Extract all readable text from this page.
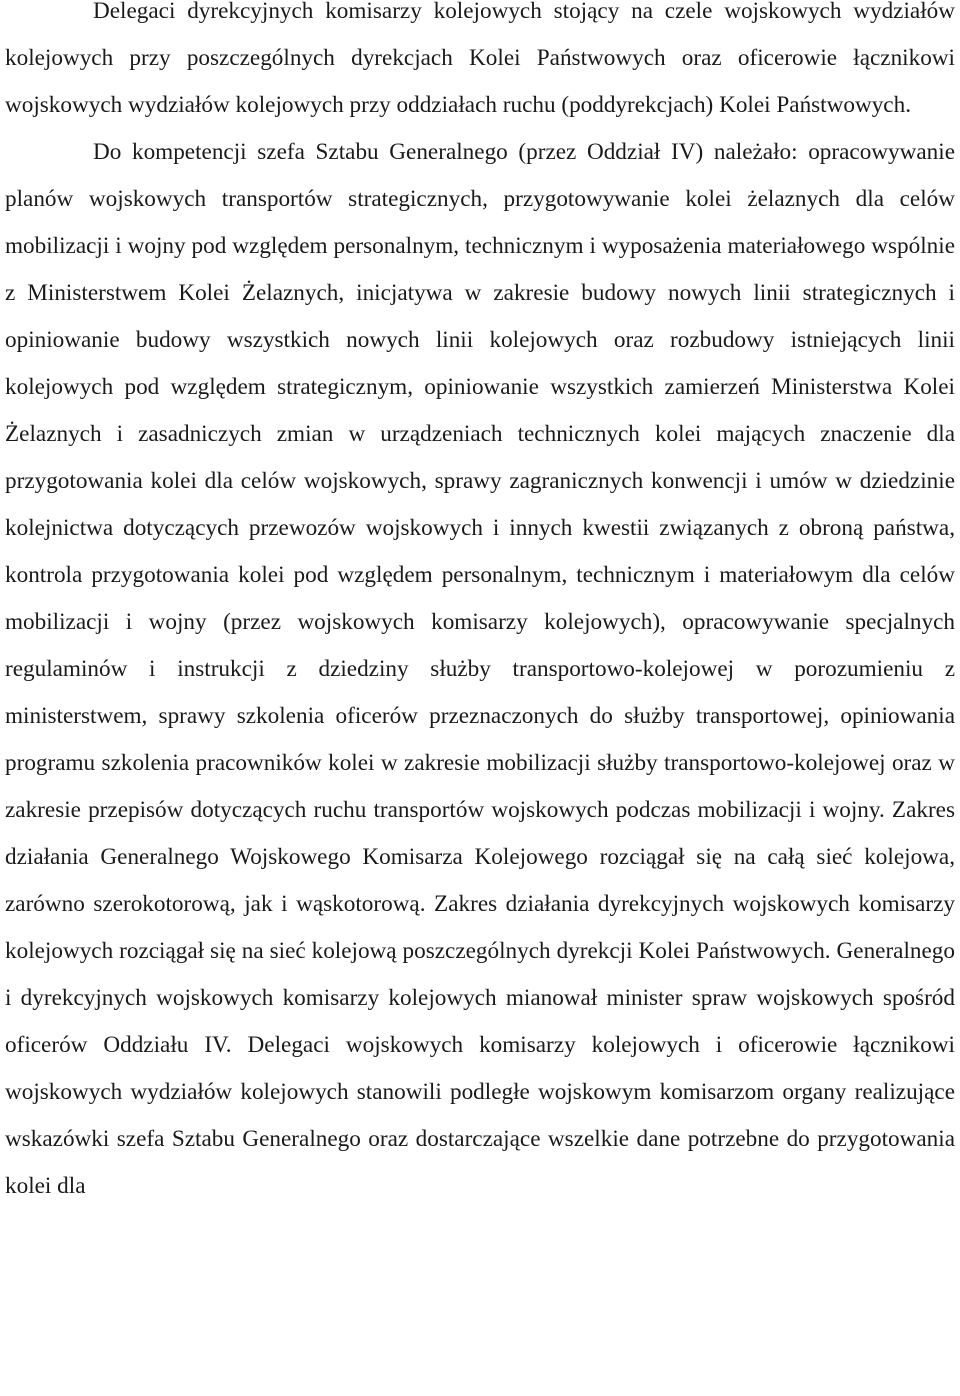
Delegaci dyrekcyjnych komisarzy kolejowych stojący na czele wojskowych wydziałów kolejowych przy poszczególnych dyrekcjach Kolei Państwowych oraz oficerowie łącznikowi wojskowych wydziałów kolejowych przy oddziałach ruchu (poddyrekcjach) Kolei Państwowych.

Do kompetencji szefa Sztabu Generalnego (przez Oddział IV) należało: opracowywanie planów wojskowych transportów strategicznych, przygotowywanie kolei żelaznych dla celów mobilizacji i wojny pod względem personalnym, technicznym i wyposażenia materiałowego wspólnie z Ministerstwem Kolei Żelaznych, inicjatywa w zakresie budowy nowych linii strategicznych i opiniowanie budowy wszystkich nowych linii kolejowych oraz rozbudowy istniejących linii kolejowych pod względem strategicznym, opiniowanie wszystkich zamierzeń Ministerstwa Kolei Żelaznych i zasadniczych zmian w urządzeniach technicznych kolei mających znaczenie dla przygotowania kolei dla celów wojskowych, sprawy zagranicznych konwencji i umów w dziedzinie kolejnictwa dotyczących przewozów wojskowych i innych kwestii związanych z obroną państwa, kontrola przygotowania kolei pod względem personalnym, technicznym i materiałowym dla celów mobilizacji i wojny (przez wojskowych komisarzy kolejowych), opracowywanie specjalnych regulaminów i instrukcji z dziedziny służby transportowo-kolejowej w porozumieniu z ministerstwem, sprawy szkolenia oficerów przeznaczonych do służby transportowej, opiniowania programu szkolenia pracowników kolei w zakresie mobilizacji służby transportowo-kolejowej oraz w zakresie przepisów dotyczących ruchu transportów wojskowych podczas mobilizacji i wojny. Zakres działania Generalnego Wojskowego Komisarza Kolejowego rozciągał się na całą sieć kolejowa, zarówno szerokotorową, jak i wąskotorową. Zakres działania dyrekcyjnych wojskowych komisarzy kolejowych rozciągał się na sieć kolejową poszczególnych dyrekcji Kolei Państwowych. Generalnego i dyrekcyjnych wojskowych komisarzy kolejowych mianował minister spraw wojskowych spośród oficerów Oddziału IV. Delegaci wojskowych komisarzy kolejowych i oficerowie łącznikowi wojskowych wydziałów kolejowych stanowili podległe wojskowym komisarzom organy realizujące wskazówki szefa Sztabu Generalnego oraz dostarczające wszelkie dane potrzebne do przygotowania kolei dla
